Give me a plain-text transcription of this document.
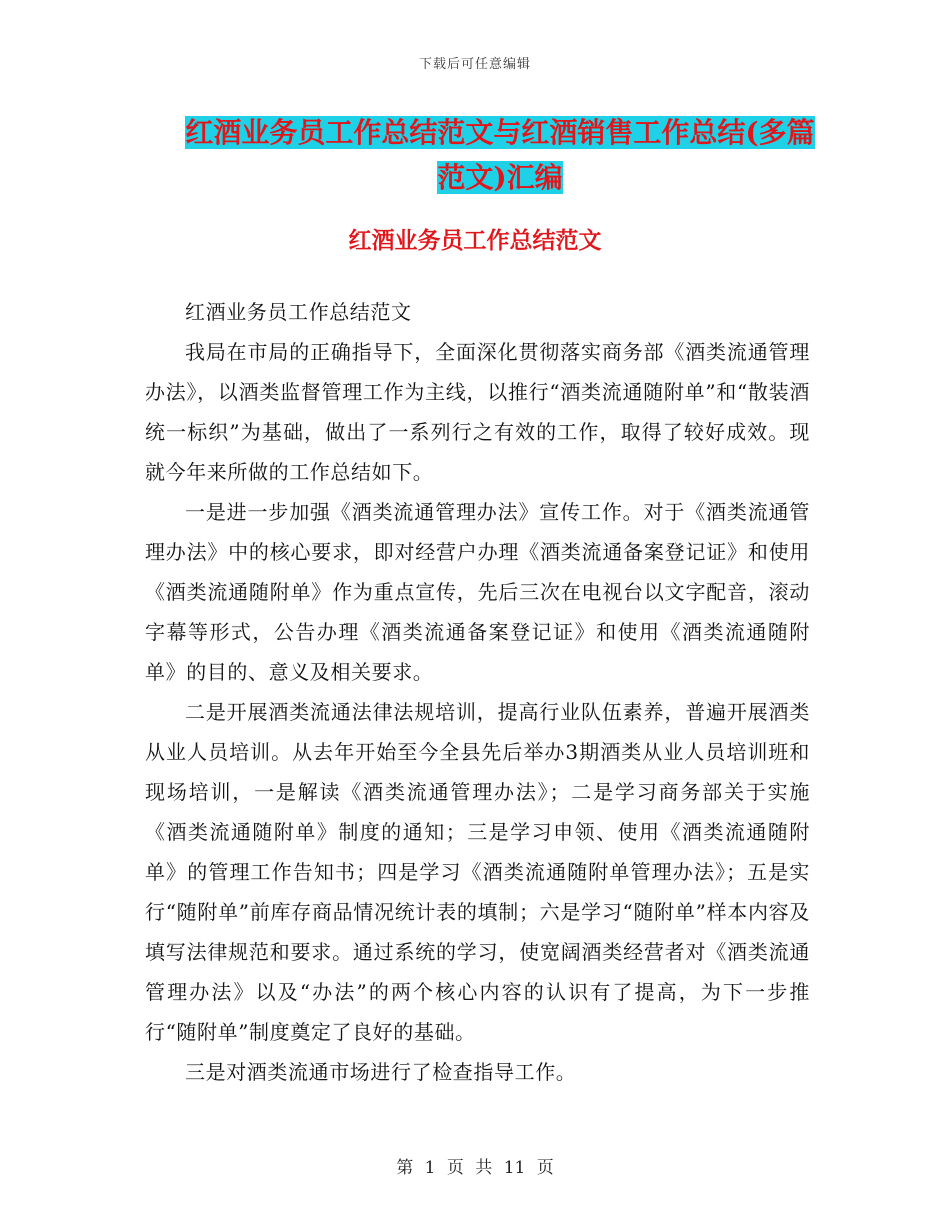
下载后可任意编辑
红酒业务员工作总结范文与红酒销售工作总结(多篇范文)汇编
红酒业务员工作总结范文

红酒业务员工作总结范文

我局在市局的正确指导下，全面深化贯彻落实商务部《酒类流通管理办法》，以酒类监督管理工作为主线，以推行“酒类流通随附单”和“散装酒统一标织”为基础，做出了一系列行之有效的工作，取得了较好成效。现就今年来所做的工作总结如下。

一是进一步加强《酒类流通管理办法》宣传工作。对于《酒类流通管理办法》中的核心要求，即对经营户办理《酒类流通备案登记证》和使用《酒类流通随附单》作为重点宣传，先后三次在电视台以文字配音，滚动字幕等形式，公告办理《酒类流通备案登记证》和使用《酒类流通随附单》的目的、意义及相关要求。

二是开展酒类流通法律法规培训，提高行业队伍素养，普遍开展酒类从业人员培训。从去年开始至今全县先后举办3期酒类从业人员培训班和现场培训，一是解读《酒类流通管理办法》；二是学习商务部关于实施《酒类流通随附单》制度的通知；三是学习申领、使用《酒类流通随附单》的管理工作告知书；四是学习《酒类流通随附单管理办法》；五是实行“随附单”前库存商品情况统计表的填制；六是学习“随附单”样本内容及填写法律规范和要求。通过系统的学习，使宽阔酒类经营者对《酒类流通管理办法》以及“办法”的两个核心内容的认识有了提高，为下一步推行“随附单”制度奠定了良好的基础。

三是对酒类流通市场进行了检查指导工作。

第 1 页 共 11 页
